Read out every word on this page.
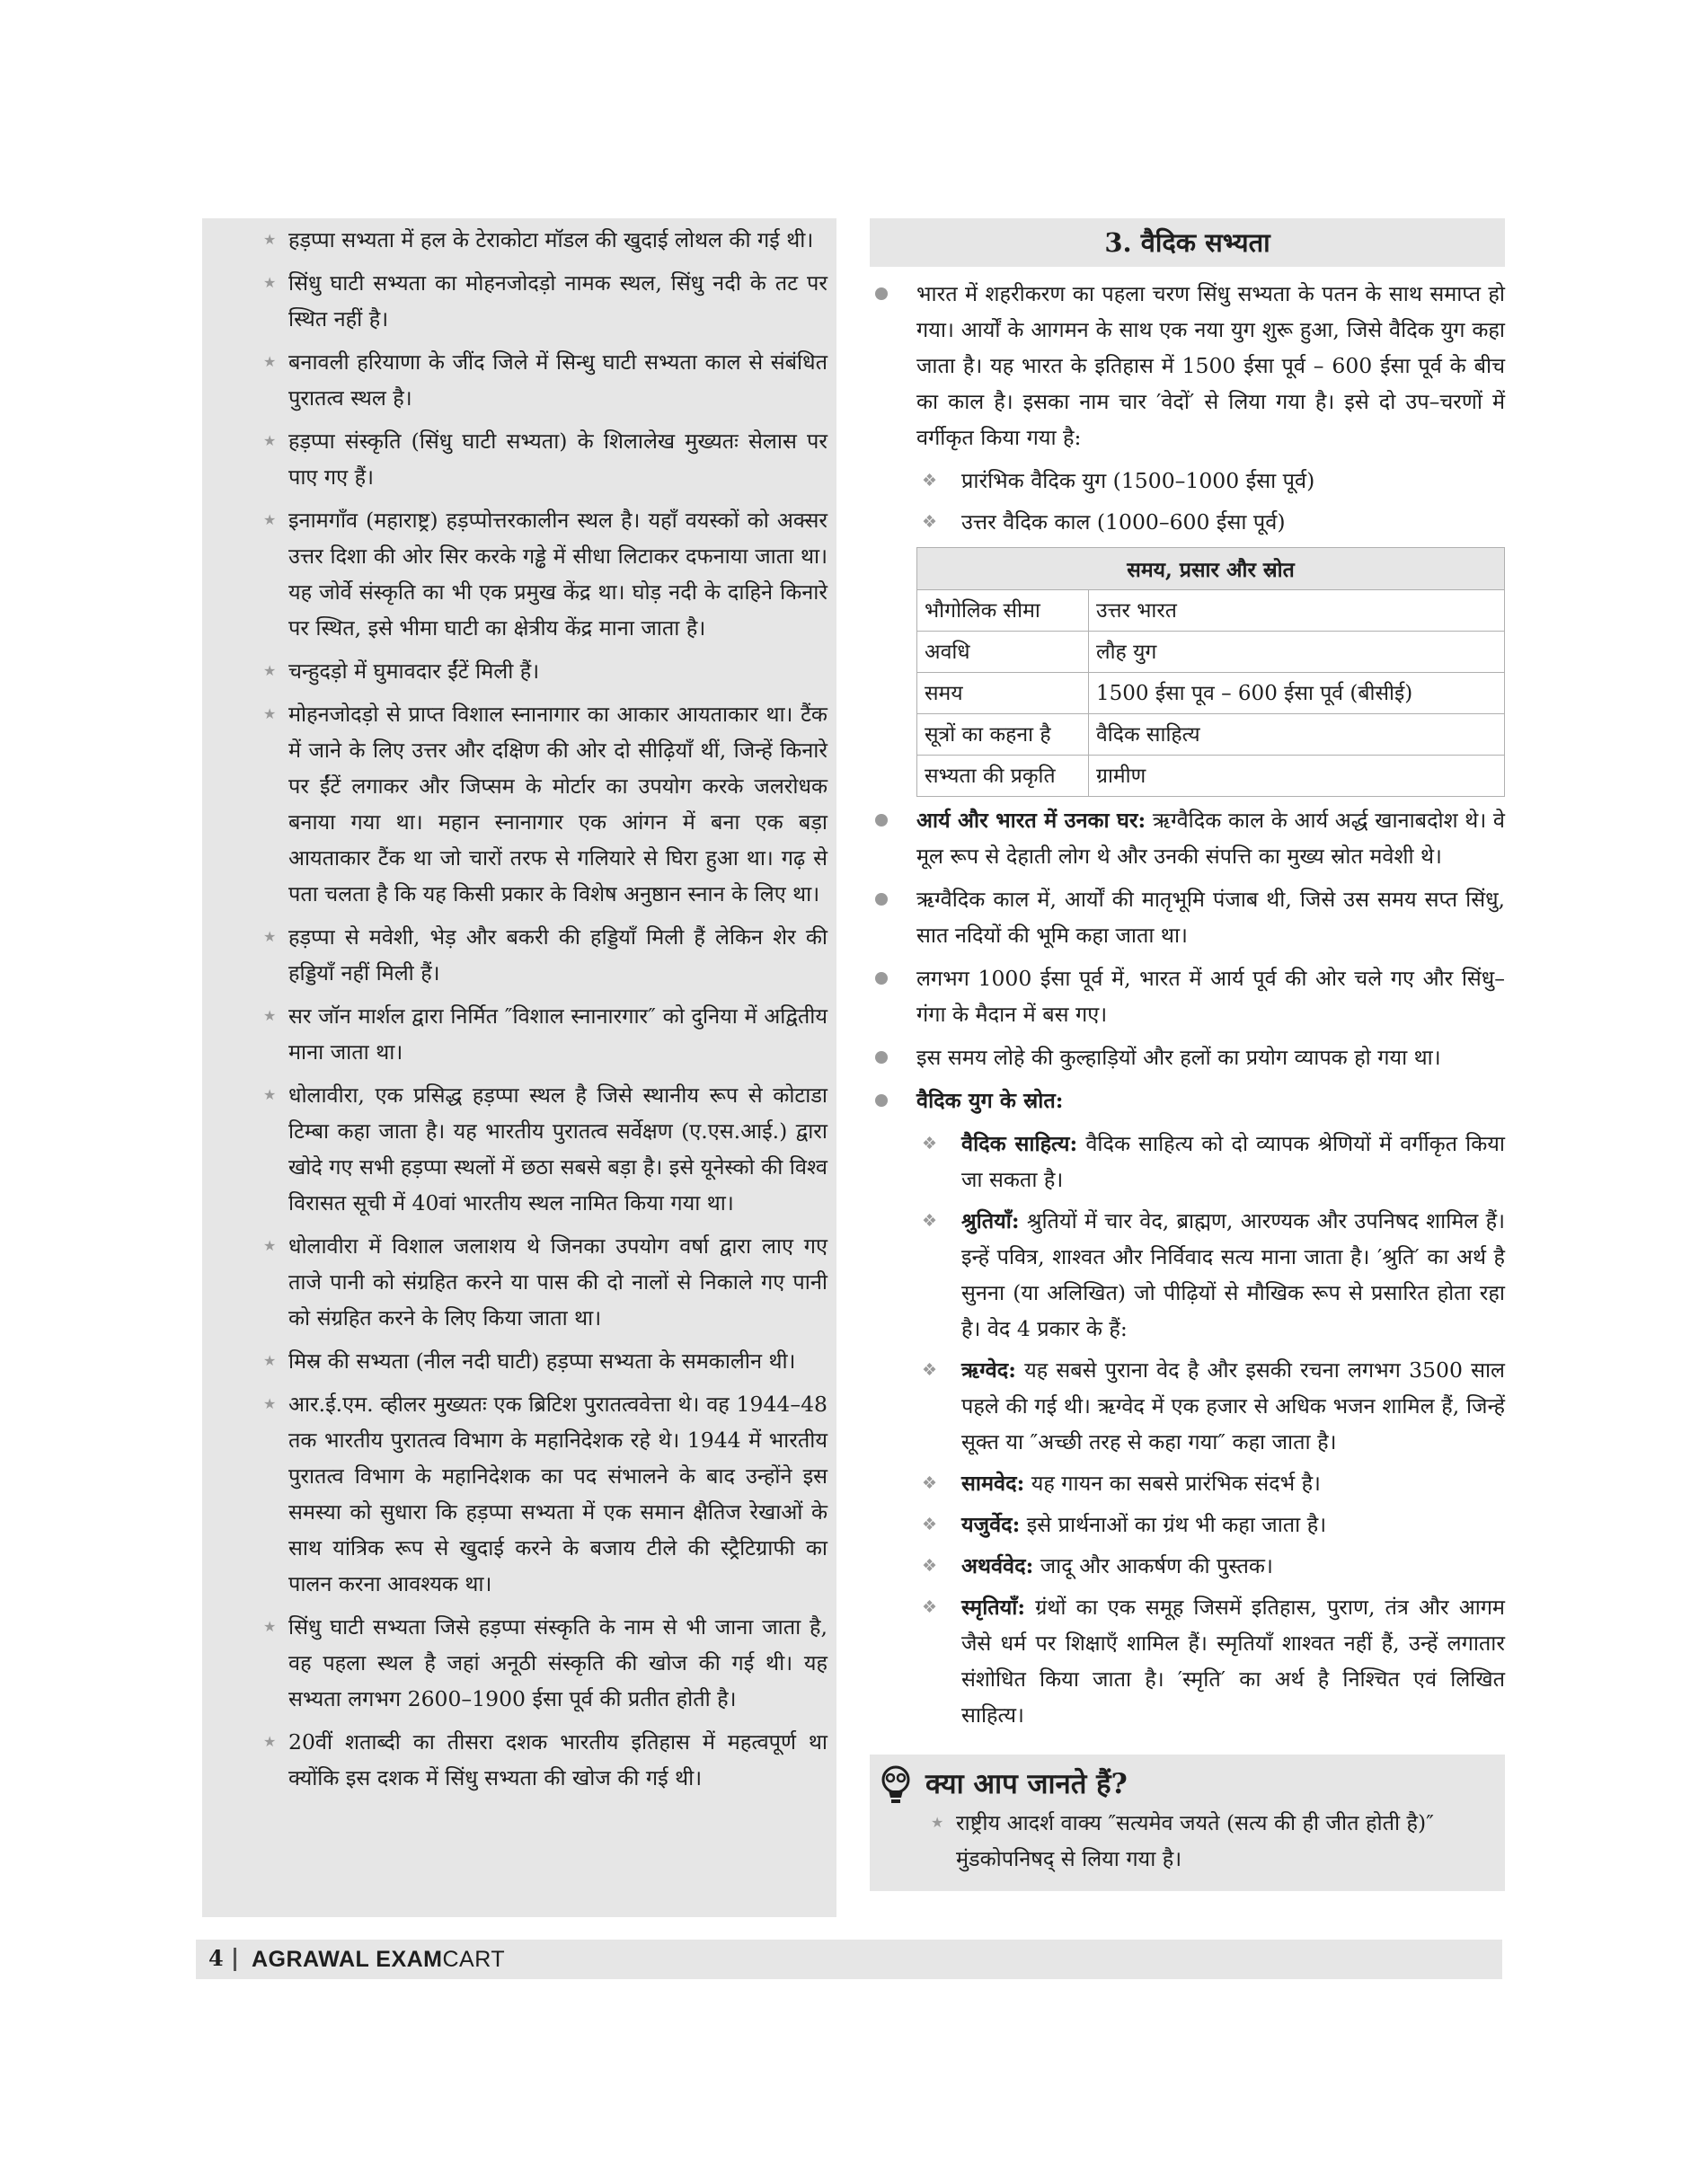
★ हड़प्पा सभ्यता में हल के टेराकोटा मॉडल की खुदाई लोथल की गई थी।
★ सिंधु घाटी सभ्यता का मोहनजोदड़ो नामक स्थल, सिंधु नदी के तट पर स्थित नहीं है।
★ बनावली हरियाणा के जींद जिले में सिन्धु घाटी सभ्यता काल से संबंधित पुरातत्व स्थल है।
★ हड़प्पा संस्कृति (सिंधु घाटी सभ्यता) के शिलालेख मुख्यतः सेलास पर पाए गए हैं।
★ इनामगाँव (महाराष्ट्र) हड़प्पोत्तरकालीन स्थल है। यहाँ वयस्कों को अक्सर उत्तर दिशा की ओर सिर करके गड्ढे में सीधा लिटाकर दफनाया जाता था। यह जोर्वे संस्कृति का भी एक प्रमुख केंद्र था। घोड़ नदी के दाहिने किनारे पर स्थित, इसे भीमा घाटी का क्षेत्रीय केंद्र माना जाता है।
★ चन्हुदड़ो में घुमावदार ईंटें मिली हैं।
★ मोहनजोदड़ो से प्राप्त विशाल स्नानागार का आकार आयताकार था। टैंक में जाने के लिए उत्तर और दक्षिण की ओर दो सीढ़ियाँ थीं, जिन्हें किनारे पर ईंटें लगाकर और जिप्सम के मोर्टार का उपयोग करके जलरोधक बनाया गया था। महान स्नानागार एक आंगन में बना एक बड़ा आयताकार टैंक था जो चारों तरफ से गलियारे से घिरा हुआ था। गढ़ से पता चलता है कि यह किसी प्रकार के विशेष अनुष्ठान स्नान के लिए था।
★ हड़प्पा से मवेशी, भेड़ और बकरी की हड्डियाँ मिली हैं लेकिन शेर की हड्डियाँ नहीं मिली हैं।
★ सर जॉन मार्शल द्वारा निर्मित ″विशाल स्नानारगार″ को दुनिया में अद्वितीय माना जाता था।
★ धोलावीरा, एक प्रसिद्ध हड़प्पा स्थल है जिसे स्थानीय रूप से कोटाडा टिम्बा कहा जाता है। यह भारतीय पुरातत्व सर्वेक्षण (ए.एस.आई.) द्वारा खोदे गए सभी हड़प्पा स्थलों में छठा सबसे बड़ा है। इसे यूनेस्को की विश्व विरासत सूची में 40वां भारतीय स्थल नामित किया गया था।
★ धोलावीरा में विशाल जलाशय थे जिनका उपयोग वर्षा द्वारा लाए गए ताजे पानी को संग्रहित करने या पास की दो नालों से निकाले गए पानी को संग्रहित करने के लिए किया जाता था।
★ मिस्र की सभ्यता (नील नदी घाटी) हड़प्पा सभ्यता के समकालीन थी।
★ आर.ई.एम. व्हीलर मुख्यतः एक ब्रिटिश पुरातत्ववेत्ता थे। वह 1944–48 तक भारतीय पुरातत्व विभाग के महानिदेशक रहे थे। 1944 में भारतीय पुरातत्व विभाग के महानिदेशक का पद संभालने के बाद उन्होंने इस समस्या को सुधारा कि हड़प्पा सभ्यता में एक समान क्षैतिज रेखाओं के साथ यांत्रिक रूप से खुदाई करने के बजाय टीले की स्ट्रैटिग्राफी का पालन करना आवश्यक था।
★ सिंधु घाटी सभ्यता जिसे हड़प्पा संस्कृति के नाम से भी जाना जाता है, वह पहला स्थल है जहां अनूठी संस्कृति की खोज की गई थी। यह सभ्यता लगभग 2600–1900 ईसा पूर्व की प्रतीत होती है।
★ 20वीं शताब्दी का तीसरा दशक भारतीय इतिहास में महत्वपूर्ण था क्योंकि इस दशक में सिंधु सभ्यता की खोज की गई थी।
3. वैदिक सभ्यता
भारत में शहरीकरण का पहला चरण सिंधु सभ्यता के पतन के साथ समाप्त हो गया। आर्यों के आगमन के साथ एक नया युग शुरू हुआ, जिसे वैदिक युग कहा जाता है। यह भारत के इतिहास में 1500 ईसा पूर्व – 600 ईसा पूर्व के बीच का काल है। इसका नाम चार ′वेदों′ से लिया गया है। इसे दो उप–चरणों में वर्गीकृत किया गया है:
❖ प्रारंभिक वैदिक युग (1500–1000 ईसा पूर्व)
❖ उत्तर वैदिक काल (1000–600 ईसा पूर्व)
समय, प्रसार और स्रोत	
भौगोलिक सीमा	उत्तर भारत
अवधि	लौह युग
समय	1500 ईसा पूव – 600 ईसा पूर्व (बीसीई)
सूत्रों का कहना है	वैदिक साहित्य
सभ्यता की प्रकृति	ग्रामीण
आर्य और भारत में उनका घर: ऋग्वैदिक काल के आर्य अर्द्ध खानाबदोश थे। वे मूल रूप से देहाती लोग थे और उनकी संपत्ति का मुख्य स्रोत मवेशी थे।
ऋग्वैदिक काल में, आर्यों की मातृभूमि पंजाब थी, जिसे उस समय सप्त सिंधु, सात नदियों की भूमि कहा जाता था।
लगभग 1000 ईसा पूर्व में, भारत में आर्य पूर्व की ओर चले गए और सिंधु–गंगा के मैदान में बस गए।
इस समय लोहे की कुल्हाड़ियों और हलों का प्रयोग व्यापक हो गया था।
वैदिक युग के स्रोत:
❖ वैदिक साहित्य: वैदिक साहित्य को दो व्यापक श्रेणियों में वर्गीकृत किया जा सकता है।
❖ श्रुतियाँ: श्रुतियों में चार वेद, ब्राह्मण, आरण्यक और उपनिषद शामिल हैं। इन्हें पवित्र, शाश्वत और निर्विवाद सत्य माना जाता है। ′श्रुति′ का अर्थ है सुनना (या अलिखित) जो पीढ़ियों से मौखिक रूप से प्रसारित होता रहा है। वेद 4 प्रकार के हैं:
❖ ऋग्वेद: यह सबसे पुराना वेद है और इसकी रचना लगभग 3500 साल पहले की गई थी। ऋग्वेद में एक हजार से अधिक भजन शामिल हैं, जिन्हें सूक्त या ″अच्छी तरह से कहा गया″ कहा जाता है।
❖ सामवेद: यह गायन का सबसे प्रारंभिक संदर्भ है।
❖ यजुर्वेद: इसे प्रार्थनाओं का ग्रंथ भी कहा जाता है।
❖ अथर्ववेद: जादू और आकर्षण की पुस्तक।
❖ स्मृतियाँ: ग्रंथों का एक समूह जिसमें इतिहास, पुराण, तंत्र और आगम जैसे धर्म पर शिक्षाएँ शामिल हैं। स्मृतियाँ शाश्वत नहीं हैं, उन्हें लगातार संशोधित किया जाता है। ′स्मृति′ का अर्थ है निश्चित एवं लिखित साहित्य।
क्या आप जानते हैं?
★ राष्ट्रीय आदर्श वाक्य ″सत्यमेव जयते (सत्य की ही जीत होती है)″ मुंडकोपनिषद् से लिया गया है।
4 AGRAWAL EXAMCART
